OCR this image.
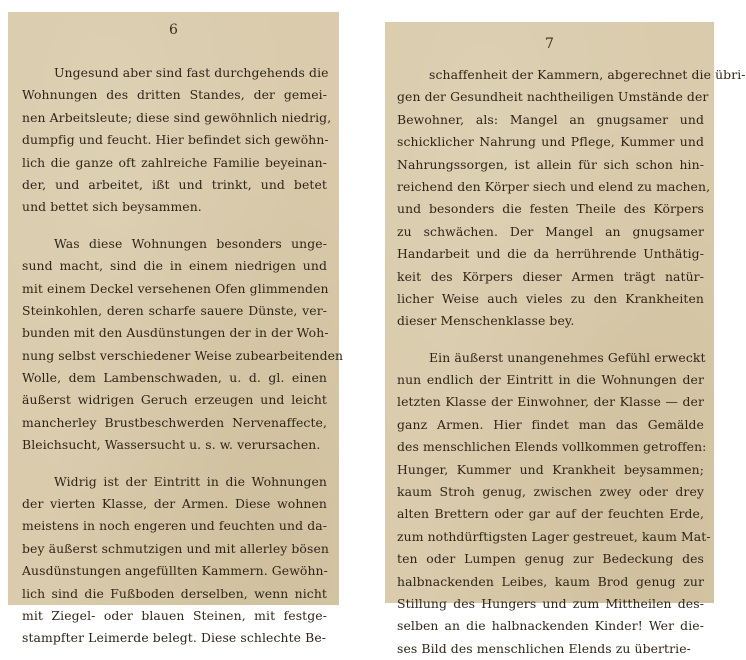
6
Ungesund aber sind fast durchgehends die
Wohnungen des dritten Standes, der gemei-
nen Arbeitsleute; diese sind gewöhnlich niedrig,
dumpfig und feucht. Hier befindet sich gewöhn-
lich die ganze oft zahlreiche Familie beyeinan-
der, und arbeitet, ißt und trinkt, und betet
und bettet sich beysammen.
Was diese Wohnungen besonders unge-
sund macht, sind die in einem niedrigen und
mit einem Deckel versehenen Ofen glimmenden
Steinkohlen, deren scharfe sauere Dünste, ver-
bunden mit den Ausdünstungen der in der Woh-
nung selbst verschiedener Weise zubearbeitenden
Wolle, dem Lambenschwaden, u. d. gl. einen
äußerst widrigen Geruch erzeugen und leicht
mancherley Brustbeschwerden Nervenaffecte,
Bleichsucht, Wassersucht u. s. w. verursachen.
Widrig ist der Eintritt in die Wohnungen
der vierten Klasse, der Armen. Diese wohnen
meistens in noch engeren und feuchten und da-
bey äußerst schmutzigen und mit allerley bösen
Ausdünstungen angefüllten Kammern. Gewöhn-
lich sind die Fußboden derselben, wenn nicht
mit Ziegel- oder blauen Steinen, mit festge-
stampfter Leimerde belegt. Diese schlechte Be-
7
schaffenheit der Kammern, abgerechnet die übri-
gen der Gesundheit nachtheiligen Umstände der
Bewohner, als: Mangel an gnugsamer und
schicklicher Nahrung und Pflege, Kummer und
Nahrungssorgen, ist allein für sich schon hin-
reichend den Körper siech und elend zu machen,
und besonders die festen Theile des Körpers
zu schwächen. Der Mangel an gnugsamer
Handarbeit und die da herrührende Unthätig-
keit des Körpers dieser Armen trägt natür-
licher Weise auch vieles zu den Krankheiten
dieser Menschenklasse bey.
Ein äußerst unangenehmes Gefühl erweckt
nun endlich der Eintritt in die Wohnungen der
letzten Klasse der Einwohner, der Klasse — der
ganz Armen. Hier findet man das Gemälde
des menschlichen Elends vollkommen getroffen:
Hunger, Kummer und Krankheit beysammen;
kaum Stroh genug, zwischen zwey oder drey
alten Brettern oder gar auf der feuchten Erde,
zum nothdürftigsten Lager gestreuet, kaum Mat-
ten oder Lumpen genug zur Bedeckung des
halbnackenden Leibes, kaum Brod genug zur
Stillung des Hungers und zum Mittheilen des-
selben an die halbnackenden Kinder! Wer die-
ses Bild des menschlichen Elends zu übertrie-
